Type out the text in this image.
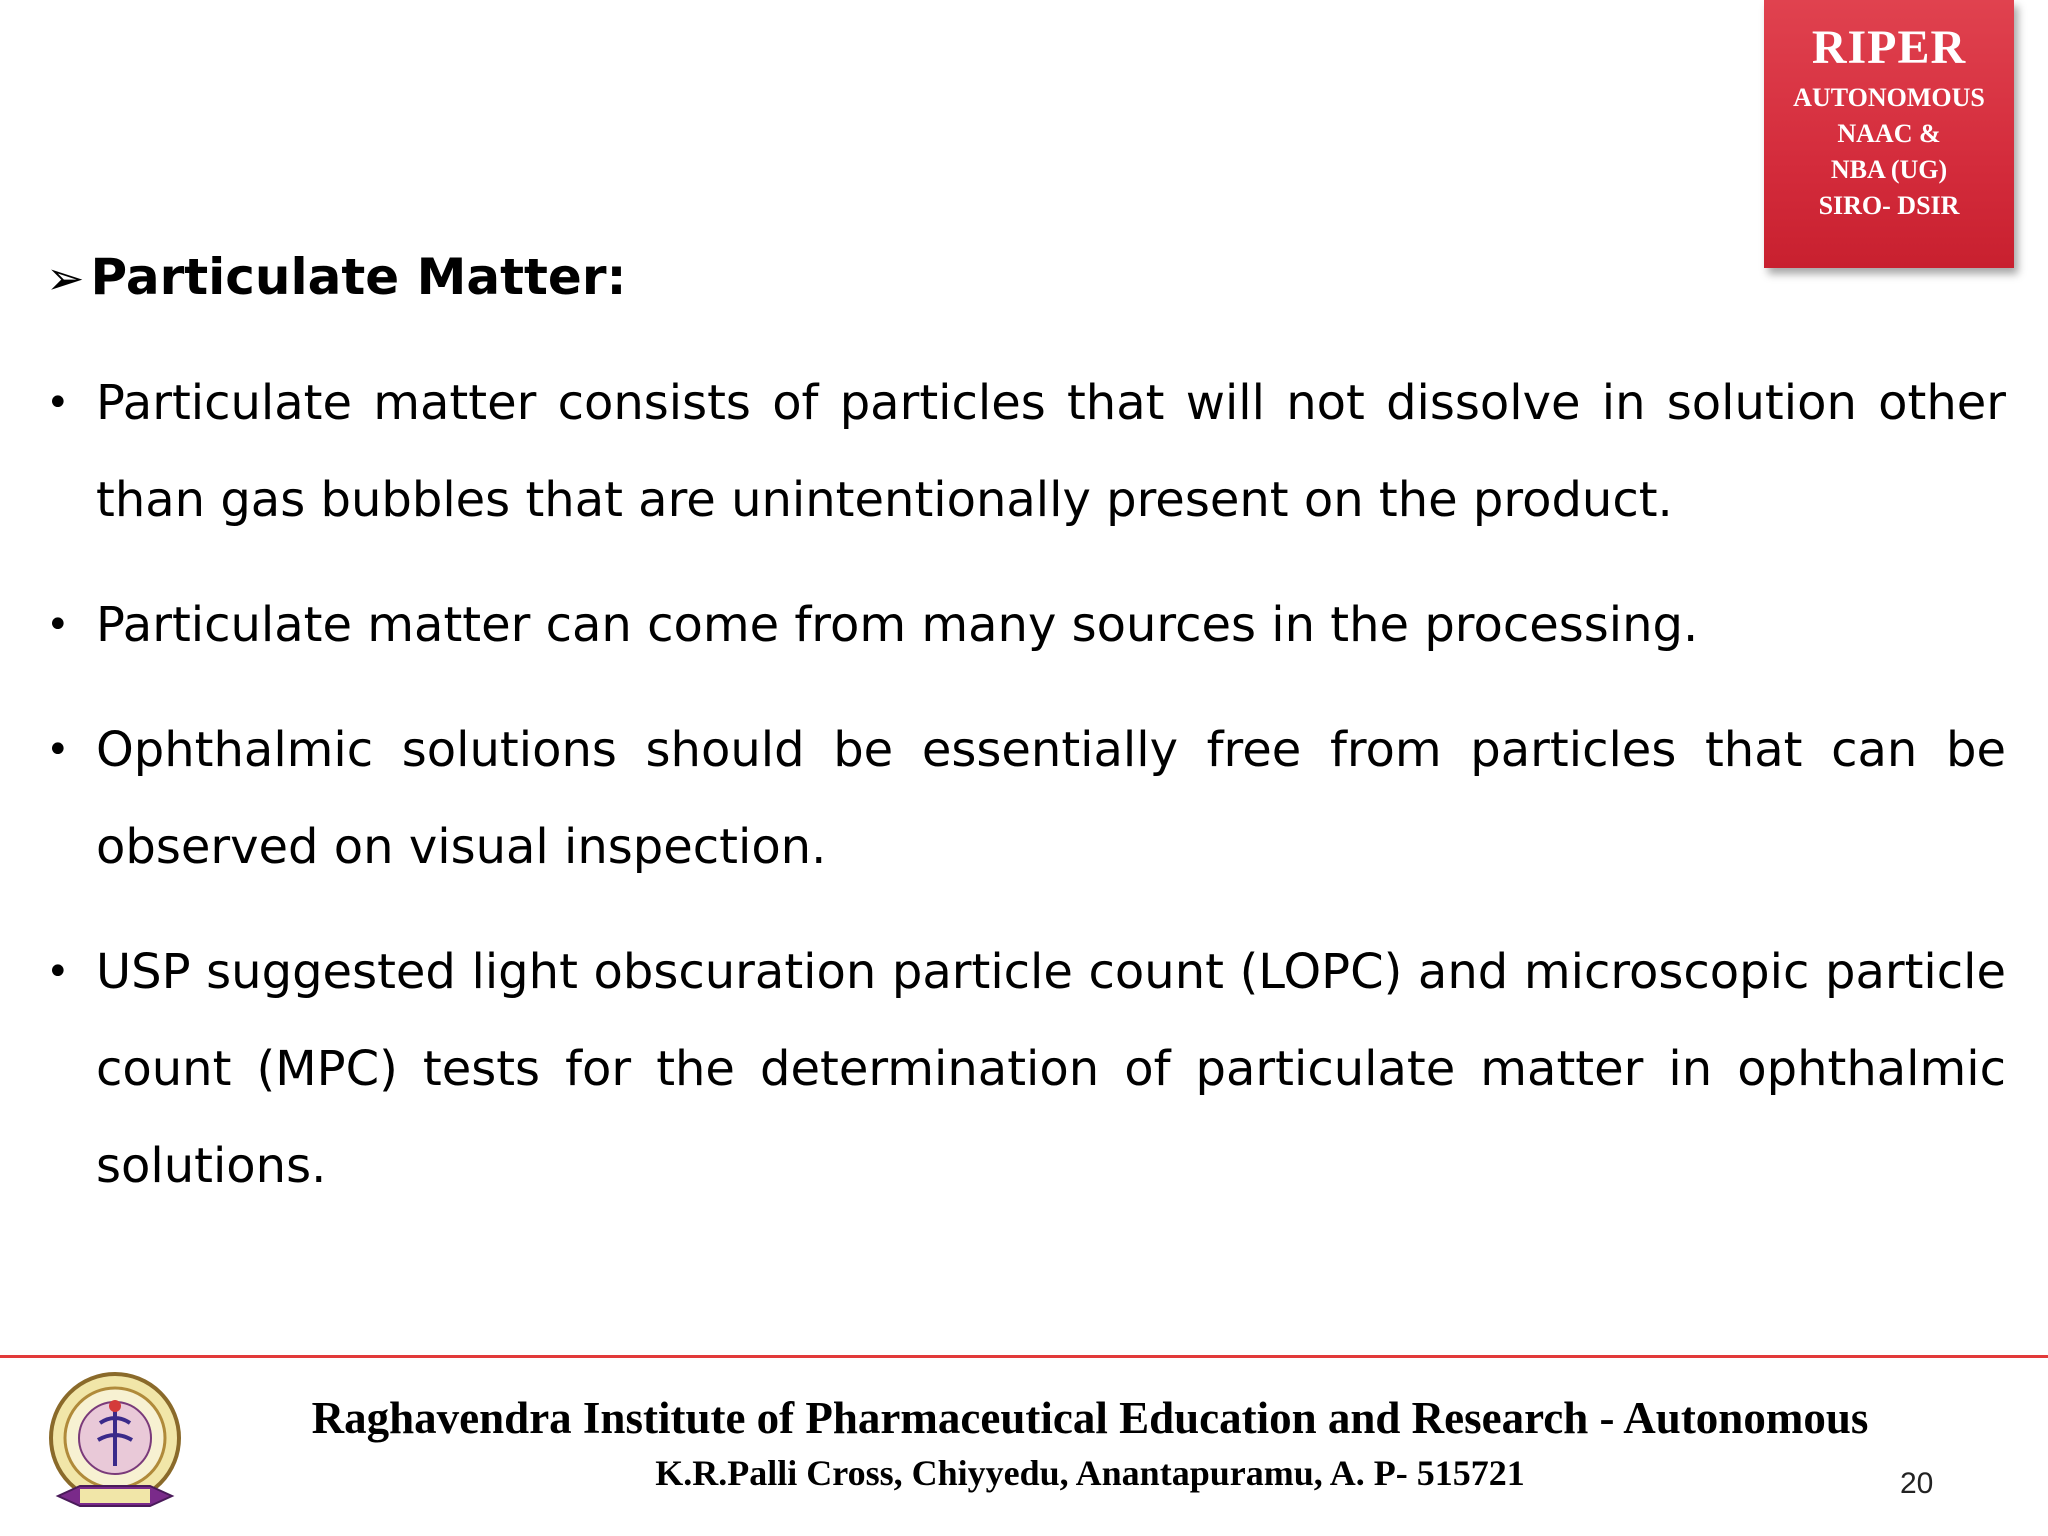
RIPER
AUTONOMOUS
NAAC &
NBA (UG)
SIRO- DSIR
➢ Particulate Matter:
• Particulate matter consists of particles that will not dissolve in solution other than gas bubbles that are unintentionally present on the product.
• Particulate matter can come from many sources in the processing.
• Ophthalmic solutions should be essentially free from particles that can be observed on visual inspection.
• USP suggested light obscuration particle count (LOPC) and microscopic particle count (MPC) tests for the determination of particulate matter in ophthalmic solutions.
Raghavendra Institute of Pharmaceutical Education and Research - Autonomous
K.R.Palli Cross, Chiyyedu, Anantapuramu, A. P- 515721	20
